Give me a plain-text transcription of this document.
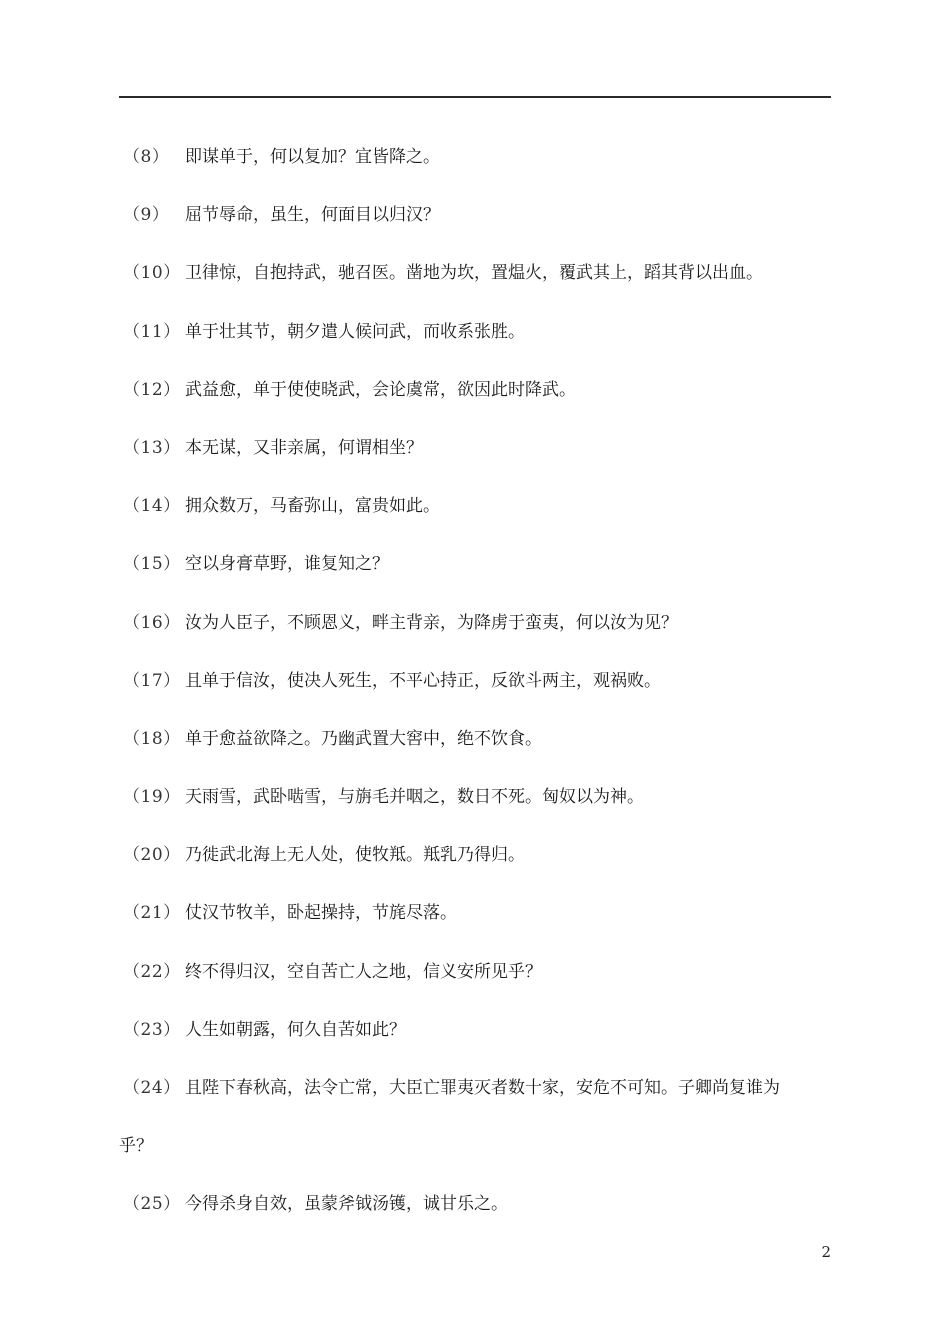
（8） 即谋单于，何以复加？宜皆降之。
（9） 屈节辱命，虽生，何面目以归汉？
（10） 卫律惊，自抱持武，驰召医。凿地为坎，置煴火，覆武其上，蹈其背以出血。
（11） 单于壮其节，朝夕遣人候问武，而收系张胜。
（12） 武益愈，单于使使晓武，会论虞常，欲因此时降武。
（13） 本无谋，又非亲属，何谓相坐？
（14） 拥众数万，马畜弥山，富贵如此。
（15） 空以身膏草野，谁复知之？
（16） 汝为人臣子，不顾恩义，畔主背亲，为降虏于蛮夷，何以汝为见？
（17） 且单于信汝，使决人死生，不平心持正，反欲斗两主，观祸败。
（18） 单于愈益欲降之。乃幽武置大窖中，绝不饮食。
（19） 天雨雪，武卧啮雪，与旃毛并咽之，数日不死。匈奴以为神。
（20） 乃徙武北海上无人处，使牧羝。羝乳乃得归。
（21） 仗汉节牧羊，卧起操持，节旄尽落。
（22） 终不得归汉，空自苦亡人之地，信义安所见乎？
（23） 人生如朝露，何久自苦如此？
（24） 且陛下春秋高，法令亡常，大臣亡罪夷灭者数十家，安危不可知。子卿尚复谁为
乎？
（25） 今得杀身自效，虽蒙斧钺汤镬，诚甘乐之。
2
